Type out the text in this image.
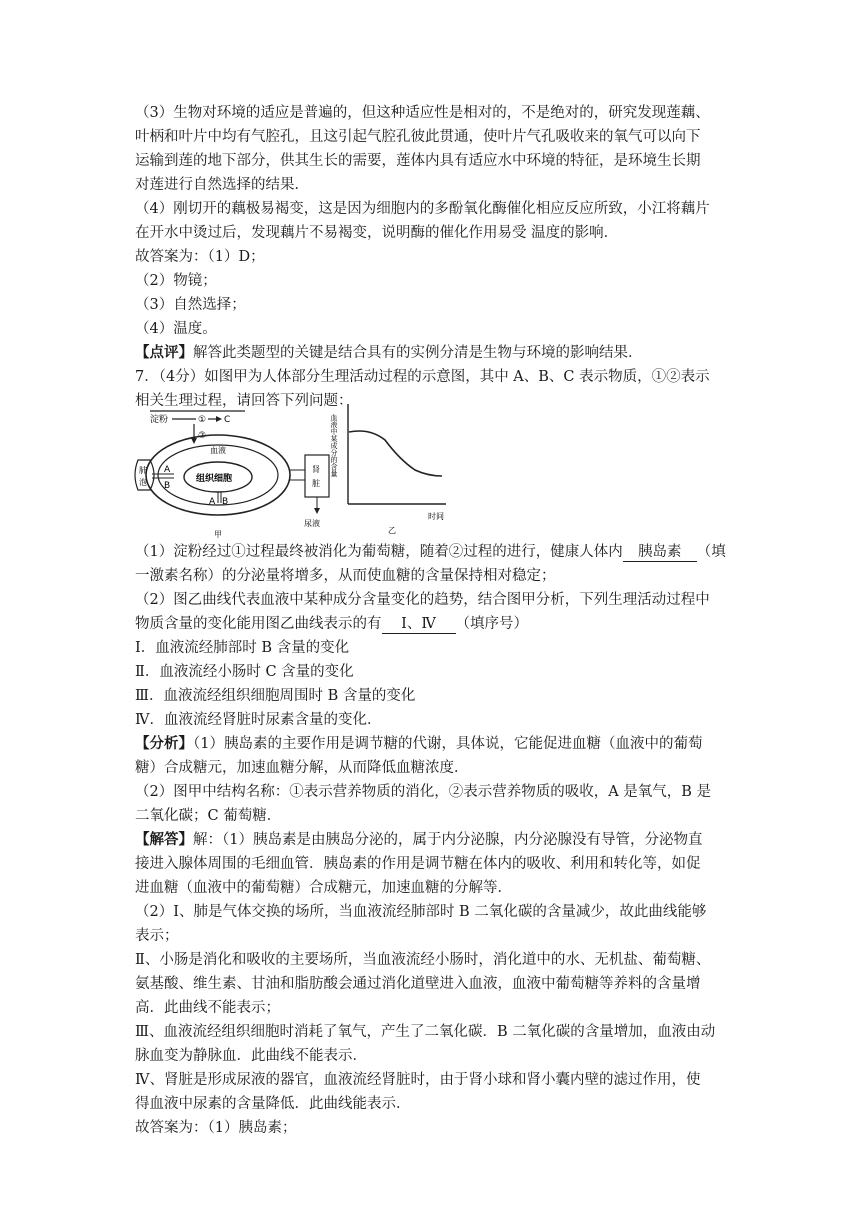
（3）生物对环境的适应是普遍的，但这种适应性是相对的，不是绝对的，研究发现莲藕、
叶柄和叶片中均有气腔孔，且这引起气腔孔彼此贯通，使叶片气孔吸收来的氧气可以向下
运输到莲的地下部分，供其生长的需要，莲体内具有适应水中环境的特征，是环境生长期
对莲进行自然选择的结果．
（4）刚切开的藕极易褐变，这是因为细胞内的多酚氧化酶催化相应反应所致，小江将藕片
在开水中烫过后，发现藕片不易褐变，说明酶的催化作用易受 温度的影响．
故答案为：（1）D；
（2）物镜；
（3）自然选择；
（4）温度。
【点评】解答此类题型的关键是结合具有的实例分清是生物与环境的影响结果．
7．（4分）如图甲为人体部分生理活动过程的示意图，其中 A、B、C 表示物质，①②表示
相关生理过程，请回答下列问题：
淀粉	① C
②
血液
组织细胞
A B
肺
泡
A
B
肾
脏
尿液
甲
血液中某成分的含量
时间
乙
（1）淀粉经过①过程最终被消化为葡萄糖，随着②过程的进行，健康人体内 胰岛素 （填
一激素名称）的分泌量将增多，从而使血糖的含量保持相对稳定；
（2）图乙曲线代表血液中某种成分含量变化的趋势，结合图甲分析，下列生理活动过程中
物质含量的变化能用图乙曲线表示的有 Ⅰ、Ⅳ （填序号）
Ⅰ．血液流经肺部时 B 含量的变化
Ⅱ．血液流经小肠时 C 含量的变化
Ⅲ．血液流经组织细胞周围时 B 含量的变化
Ⅳ．血液流经肾脏时尿素含量的变化．
【分析】（1）胰岛素的主要作用是调节糖的代谢，具体说，它能促进血糖（血液中的葡萄
糖）合成糖元，加速血糖分解，从而降低血糖浓度．
（2）图甲中结构名称：①表示营养物质的消化，②表示营养物质的吸收，A 是氧气，B 是
二氧化碳；C 葡萄糖．
【解答】解：（1）胰岛素是由胰岛分泌的，属于内分泌腺，内分泌腺没有导管，分泌物直
接进入腺体周围的毛细血管．胰岛素的作用是调节糖在体内的吸收、利用和转化等，如促
进血糖（血液中的葡萄糖）合成糖元，加速血糖的分解等．
（2）Ⅰ、肺是气体交换的场所，当血液流经肺部时 B 二氧化碳的含量减少，故此曲线能够
表示；
Ⅱ、小肠是消化和吸收的主要场所，当血液流经小肠时，消化道中的水、无机盐、葡萄糖、
氨基酸、维生素、甘油和脂肪酸会通过消化道壁进入血液，血液中葡萄糖等养料的含量增
高．此曲线不能表示；
Ⅲ、血液流经组织细胞时消耗了氧气，产生了二氧化碳．B 二氧化碳的含量增加，血液由动
脉血变为静脉血．此曲线不能表示．
Ⅳ、肾脏是形成尿液的器官，血液流经肾脏时，由于肾小球和肾小囊内壁的滤过作用，使
得血液中尿素的含量降低．此曲线能表示．
故答案为：（1）胰岛素；
